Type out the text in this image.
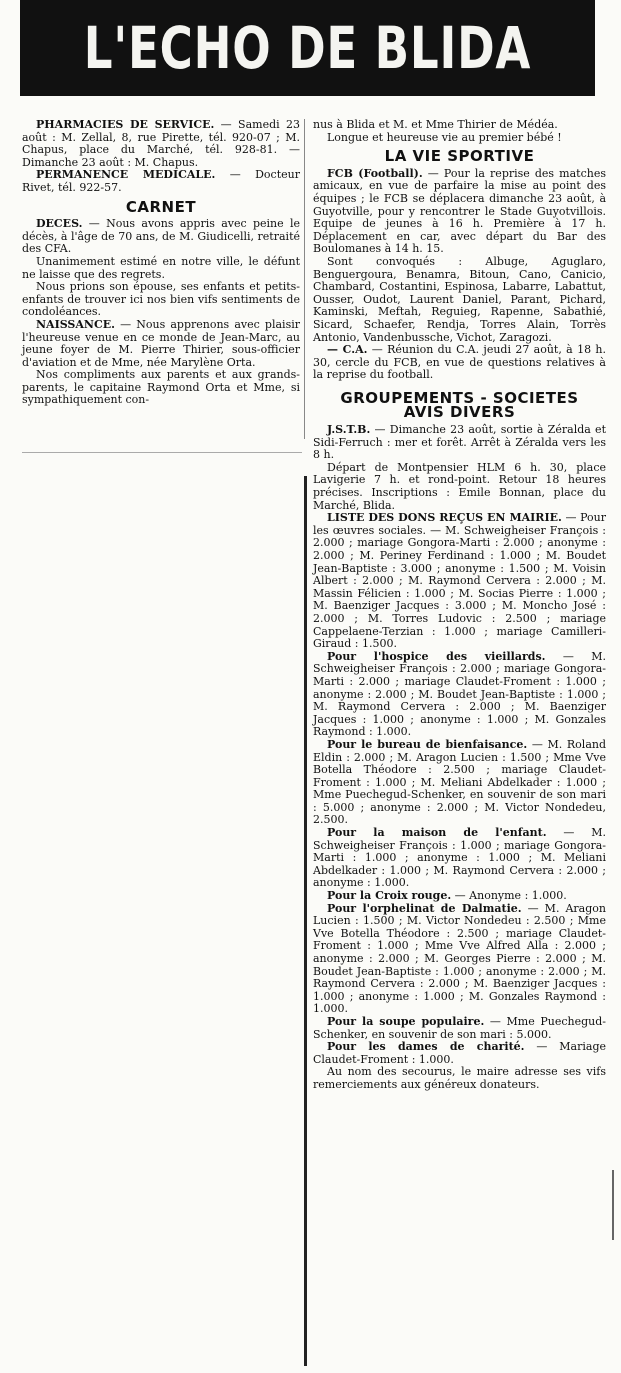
L'ECHO DE BLIDA

PHARMACIES DE SERVICE. — Samedi 23 août : M. Zellal, 8, rue Pirette, tél. 920-07 ; M. Chapus, place du Marché, tél. 928-81. — Dimanche 23 août : M. Chapus.

PERMANENCE MEDICALE. — Docteur Rivet, tél. 922-57.

CARNET

DECES. — Nous avons appris avec peine le décès, à l'âge de 70 ans, de M. Giudicelli, retraité des CFA.

Unanimement estimé en notre ville, le défunt ne laisse que des regrets.

Nous prions son épouse, ses enfants et petits-enfants de trouver ici nos bien vifs sentiments de condoléances.

NAISSANCE. — Nous apprenons avec plaisir l'heureuse venue en ce monde de Jean-Marc, au jeune foyer de M. Pierre Thirier, sous-officier d'aviation et de Mme, née Marylène Orta.

Nos compliments aux parents et aux grands-parents, le capitaine Raymond Orta et Mme, si sympathiquement con-

nus à Blida et M. et Mme Thirier de Médéa.

Longue et heureuse vie au premier bébé !

LA VIE SPORTIVE

FCB (Football). — Pour la reprise des matches amicaux, en vue de parfaire la mise au point des équipes ; le FCB se déplacera dimanche 23 août, à Guyotville, pour y rencontrer le Stade Guyotvillois. Equipe de jeunes à 16 h. Première à 17 h. Déplacement en car, avec départ du Bar des Boulomanes à 14 h. 15.

Sont convoqués : Albuge, Aguglaro, Benguergoura, Benamra, Bitoun, Cano, Canicio, Chambard, Costantini, Espinosa, Labarre, Labattut, Ousser, Oudot, Laurent Daniel, Parant, Pichard, Kaminski, Meftah, Reguieg, Rapenne, Sabathié, Sicard, Schaefer, Rendja, Torres Alain, Torrès Antonio, Vandenbussche, Vichot, Zaragozi.

— C.A. — Réunion du C.A. jeudi 27 août, à 18 h. 30, cercle du FCB, en vue de questions relatives à la reprise du football.

GROUPEMENTS - SOCIETES
AVIS DIVERS

J.S.T.B. — Dimanche 23 août, sortie à Zéralda et Sidi-Ferruch : mer et forêt. Arrêt à Zéralda vers les 8 h.

Départ de Montpensier HLM 6 h. 30, place Lavigerie 7 h. et rond-point. Retour 18 heures précises. Inscriptions : Emile Bonnan, place du Marché, Blida.

LISTE DES DONS REÇUS EN MAIRIE. — Pour les œuvres sociales. — M. Schweigheiser François : 2.000 ; mariage Gongora-Marti : 2.000 ; anonyme : 2.000 ; M. Periney Ferdinand : 1.000 ; M. Boudet Jean-Baptiste : 3.000 ; anonyme : 1.500 ; M. Voisin Albert : 2.000 ; M. Raymond Cervera : 2.000 ; M. Massin Félicien : 1.000 ; M. Socias Pierre : 1.000 ; M. Baenziger Jacques : 3.000 ; M. Moncho José : 2.000 ; M. Torres Ludovic : 2.500 ; mariage Cappelaene-Terzian : 1.000 ; mariage Camilleri-Giraud : 1.500.

Pour l'hospice des vieillards. — M. Schweigheiser François : 2.000 ; mariage Gongora-Marti : 2.000 ; mariage Claudet-Froment : 1.000 ; anonyme : 2.000 ; M. Boudet Jean-Baptiste : 1.000 ; M. Raymond Cervera : 2.000 ; M. Baenziger Jacques : 1.000 ; anonyme : 1.000 ; M. Gonzales Raymond : 1.000.

Pour le bureau de bienfaisance. — M. Roland Eldin : 2.000 ; M. Aragon Lucien : 1.500 ; Mme Vve Botella Théodore : 2.500 ; mariage Claudet-Froment : 1.000 ; M. Meliani Abdelkader : 1.000 ; Mme Puechegud-Schenker, en souvenir de son mari : 5.000 ; anonyme : 2.000 ; M. Victor Nondedeu, 2.500.

Pour la maison de l'enfant. — M. Schweigheiser François : 1.000 ; mariage Gongora-Marti : 1.000 ; anonyme : 1.000 ; M. Meliani Abdelkader : 1.000 ; M. Raymond Cervera : 2.000 ; anonyme : 1.000.

Pour la Croix rouge. — Anonyme : 1.000.

Pour l'orphelinat de Dalmatie. — M. Aragon Lucien : 1.500 ; M. Victor Nondedeu : 2.500 ; Mme Vve Botella Théodore : 2.500 ; mariage Claudet-Froment : 1.000 ; Mme Vve Alfred Alla : 2.000 ; anonyme : 2.000 ; M. Georges Pierre : 2.000 ; M. Boudet Jean-Baptiste : 1.000 ; anonyme : 2.000 ; M. Raymond Cervera : 2.000 ; M. Baenziger Jacques : 1.000 ; anonyme : 1.000 ; M. Gonzales Raymond : 1.000.

Pour la soupe populaire. — Mme Puechegud-Schenker, en souvenir de son mari : 5.000.

Pour les dames de charité. — Mariage Claudet-Froment : 1.000.

Au nom des secourus, le maire adresse ses vifs remerciements aux généreux donateurs.
